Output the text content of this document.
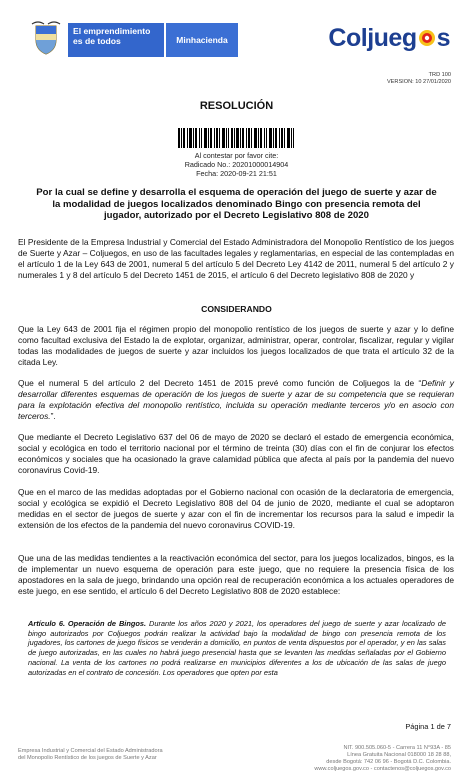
El emprendimiento
es de todos	Minhacienda	Coljueg s
TRD 100
VERSION: 10 27/01/2020
RESOLUCIÓN
Al contestar por favor cite:
Radicado No.: 20201000014904
Fecha: 2020-09-21 21:51
Por la cual se define y desarrolla el esquema de operación del juego de suerte y azar de la modalidad de juegos localizados denominado Bingo con presencia remota del jugador, autorizado por el Decreto Legislativo 808 de 2020
El Presidente de la Empresa Industrial y Comercial del Estado Administradora del Monopolio Rentístico de los juegos de Suerte y Azar – Coljuegos, en uso de las facultades legales y reglamentarias, en especial de las contempladas en el artículo 1 de la Ley 643 de 2001, numeral 5 del artículo 5 del Decreto Ley 4142 de 2011, numeral 5 del artículo 2 y numerales 1 y 8 del artículo 5 del Decreto 1451 de 2015, el artículo 6 del Decreto legislativo 808 de 2020 y
CONSIDERANDO
Que la Ley 643 de 2001 fija el régimen propio del monopolio rentístico de los juegos de suerte y azar y lo define como facultad exclusiva del Estado la de explotar, organizar, administrar, operar, controlar, fiscalizar, regular y vigilar todas las modalidades de juegos de suerte y azar incluidos los juegos localizados de que trata el artículo 32 de la citada Ley.
Que el numeral 5 del artículo 2 del Decreto 1451 de 2015 prevé como función de Coljuegos la de “Definir y desarrollar diferentes esquemas de operación de los juegos de suerte y azar de su competencia que se requieran para la explotación efectiva del monopolio rentístico, incluida su operación mediante terceros y/o en asocio con terceros.”.
Que mediante el Decreto Legislativo 637 del 06 de mayo de 2020 se declaró el estado de emergencia económica, social y ecológica en todo el territorio nacional por el término de treinta (30) días con el fin de conjurar los efectos económicos y sociales que ha ocasionado la grave calamidad pública que afecta al país por la pandemia del nuevo coronavirus Covid-19.
Que en el marco de las medidas adoptadas por el Gobierno nacional con ocasión de la declaratoria de emergencia, social y ecológica se expidió el Decreto Legislativo 808 del 04 de junio de 2020, mediante el cual se adoptaron medidas en el sector de juegos de suerte y azar con el fin de incrementar los recursos para la salud e impedir la extensión de los efectos de la pandemia del nuevo coronavirus COVID-19.
Que una de las medidas tendientes a la reactivación económica del sector, para los juegos localizados, bingos, es la de implementar un nuevo esquema de operación para este juego, que no requiere la presencia física de los apostadores en la sala de juego, brindando una opción real de recuperación económica a los actuales operadores de este juego, en ese sentido, el artículo 6 del Decreto Legislativo 808 de 2020 establece:
Artículo 6. Operación de Bingos. Durante los años 2020 y 2021, los operadores del juego de suerte y azar localizado de bingo autorizados por Coljuegos podrán realizar la actividad bajo la modalidad de bingo con presencia remota de los jugadores, los cartones de juego físicos se venderán a domicilio, en puntos de venta dispuestos por el operador, y en las salas de juego autorizadas, en las cuales no habrá juego presencial hasta que se levanten las medidas señaladas por el Gobierno nacional. La venta de los cartones no podrá realizarse en municipios diferentes a los de ubicación de las salas de juego autorizadas en el contrato de concesión. Los operadores que opten por esta
Página 1 de 7
Empresa Industrial y Comercial del Estado Administradora
del Monopolio Rentístico de los juegos de Suerte y Azar
NIT. 900.505.060-5 - Carrera 11 N°93A - 85
Línea Gratuita Nacional 018000 18 28 88,
desde Bogotá: 742 06 96 - Bogotá D.C. Colombia.
www.coljuegos.gov.co - contactenos@coljuegos.gov.co
